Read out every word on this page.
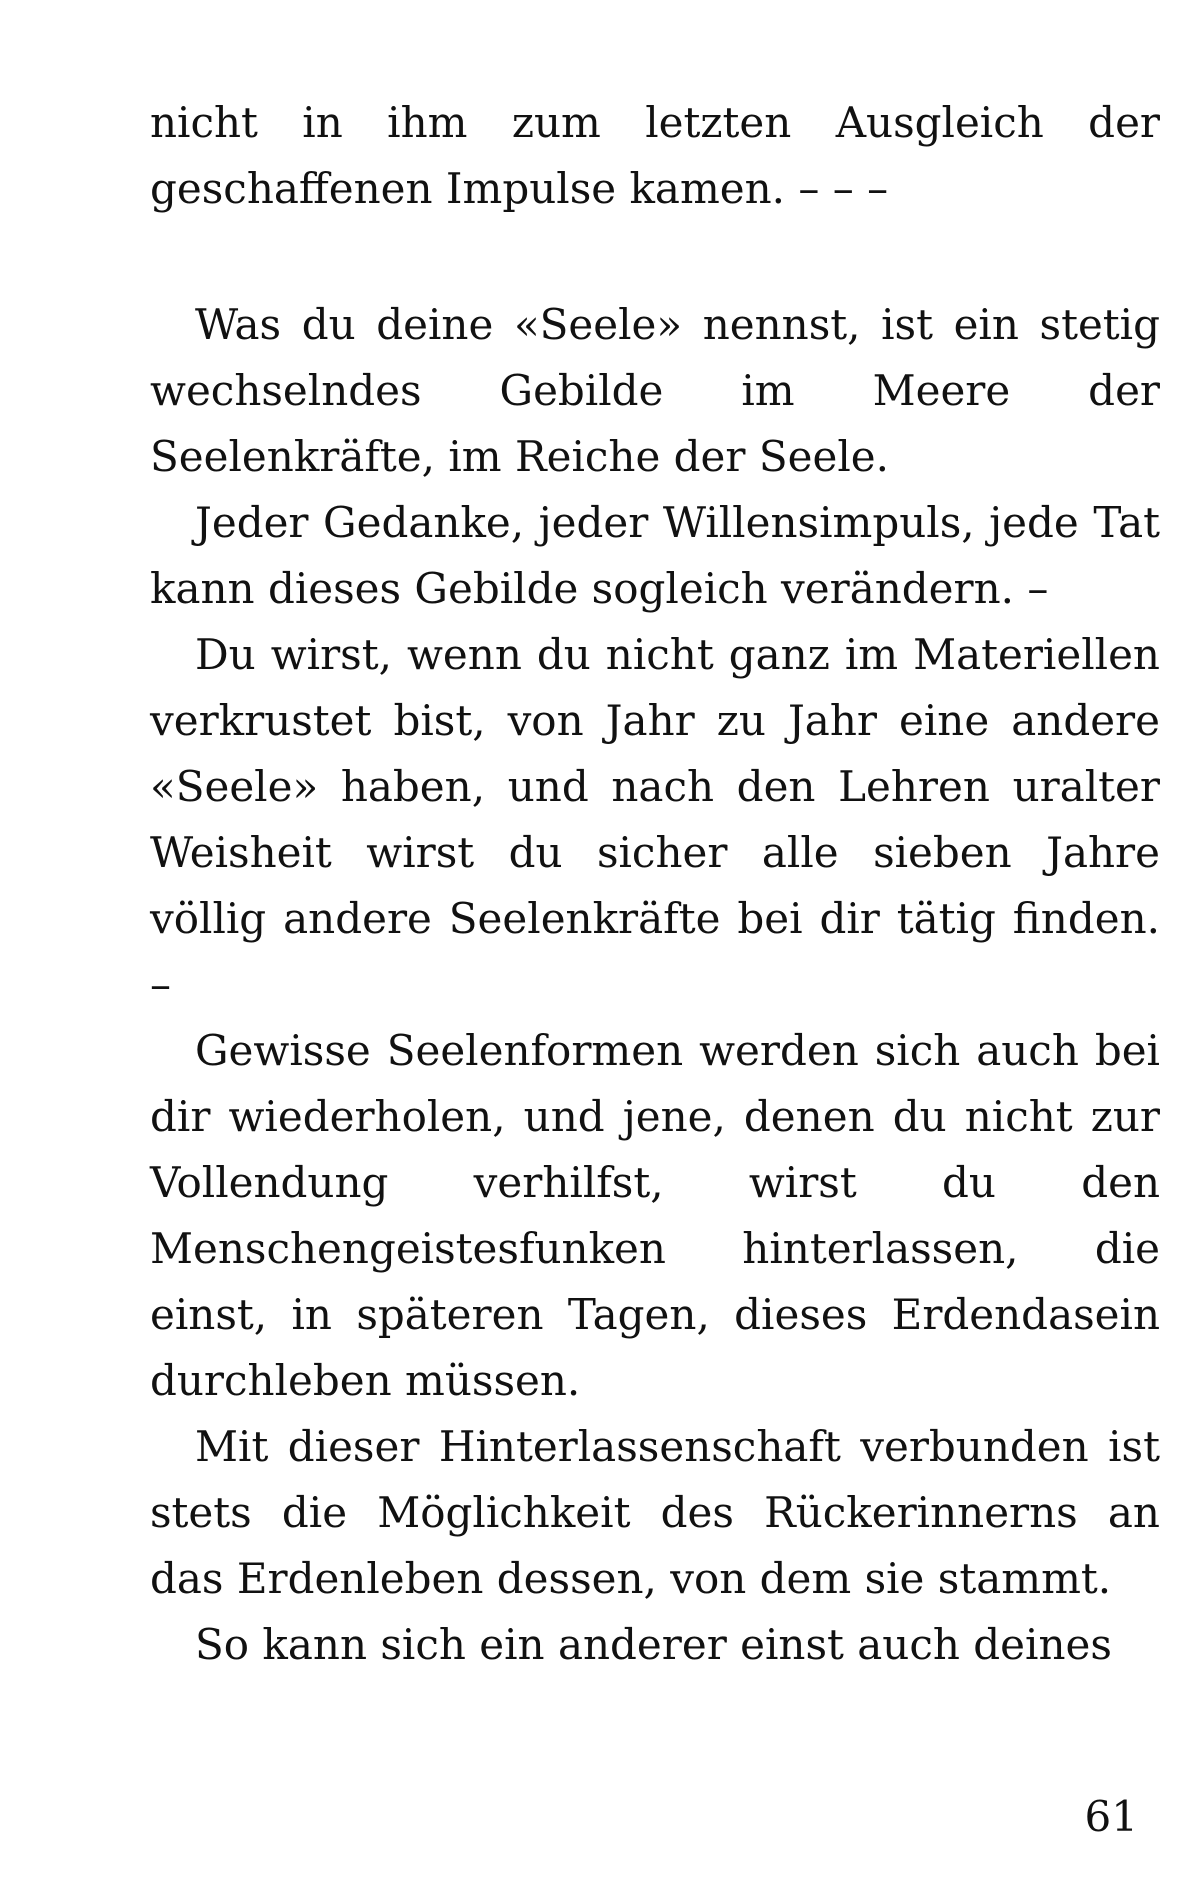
nicht in ihm zum letzten Ausgleich der geschaffenen Impulse kamen. – – –

Was du deine «Seele» nennst, ist ein stetig wechselndes Gebilde im Meere der Seelenkräfte, im Reiche der Seele.

Jeder Gedanke, jeder Willensimpuls, jede Tat kann dieses Gebilde sogleich verändern. –

Du wirst, wenn du nicht ganz im Materiellen verkrustet bist, von Jahr zu Jahr eine andere «Seele» haben, und nach den Lehren uralter Weisheit wirst du sicher alle sieben Jahre völlig andere Seelenkräfte bei dir tätig finden. –

Gewisse Seelenformen werden sich auch bei dir wiederholen, und jene, denen du nicht zur Vollendung verhilfst, wirst du den Menschengeistesfunken hinterlassen, die einst, in späteren Tagen, dieses Erdendasein durchleben müssen.

Mit dieser Hinterlassenschaft verbunden ist stets die Möglichkeit des Rückerinnerns an das Erdenleben dessen, von dem sie stammt.

So kann sich ein anderer einst auch deines

61
